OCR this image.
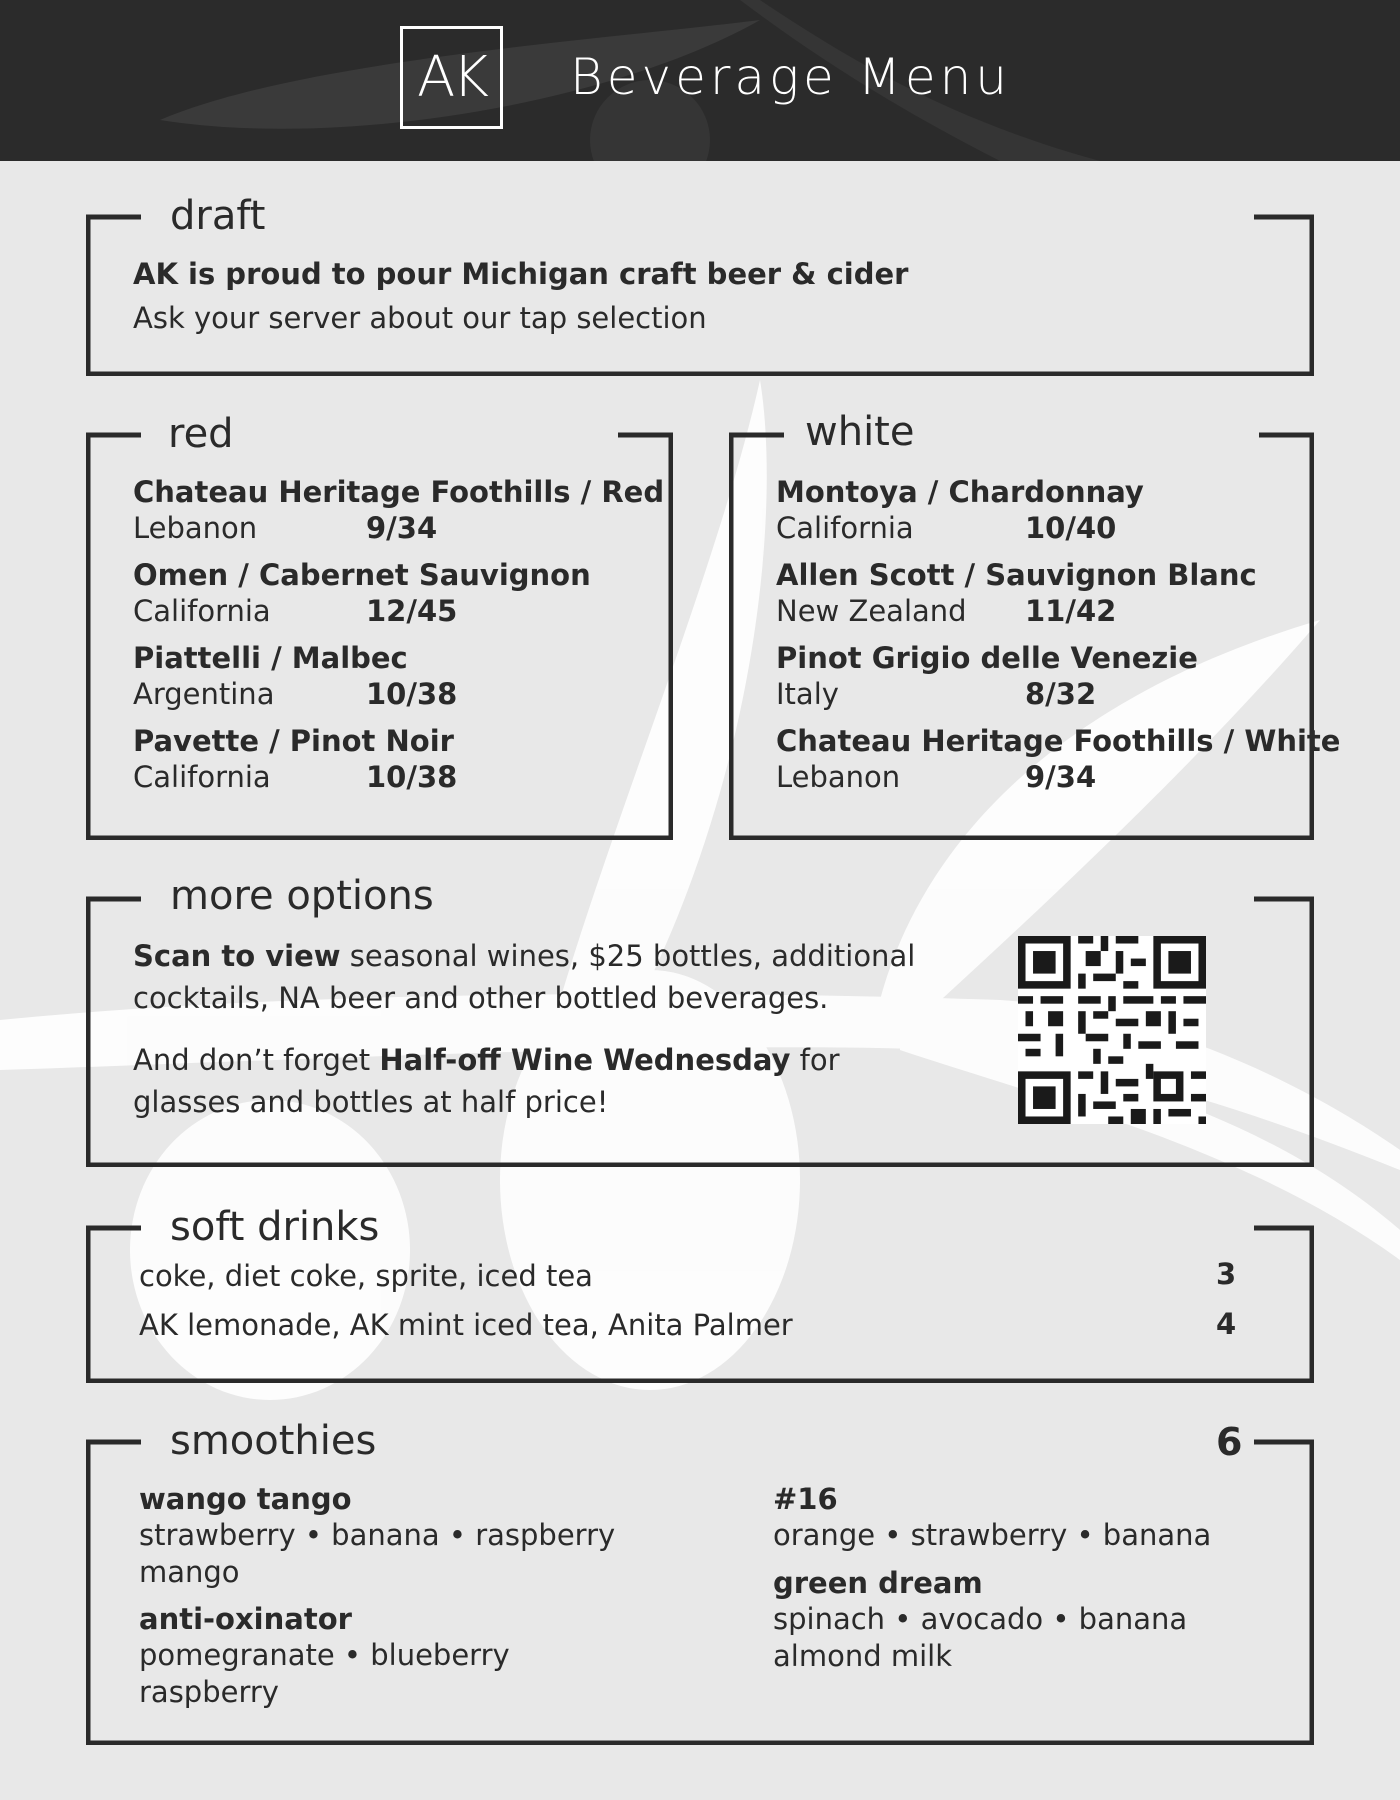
AK	Beverage Menu
draft
AK is proud to pour Michigan craft beer & cider
Ask your server about our tap selection
red
Chateau Heritage Foothills / Red
Lebanon	9/34
Omen / Cabernet Sauvignon
California	12/45
Piattelli / Malbec
Argentina	10/38
Pavette / Pinot Noir
California	10/38
white
Montoya / Chardonnay
California	10/40
Allen Scott / Sauvignon Blanc
New Zealand	11/42
Pinot Grigio delle Venezie
Italy	8/32
Chateau Heritage Foothills / White
Lebanon	9/34
more options
Scan to view seasonal wines, $25 bottles, additional
cocktails, NA beer and other bottled beverages.
And don’t forget Half-off Wine Wednesday for
glasses and bottles at half price!
soft drinks
coke, diet coke, sprite, iced tea	3
AK lemonade, AK mint iced tea, Anita Palmer	4
smoothies	6
wango tango
strawberry • banana • raspberry
mango
anti-oxinator
pomegranate • blueberry
raspberry
#16
orange • strawberry • banana
green dream
spinach • avocado • banana
almond milk
